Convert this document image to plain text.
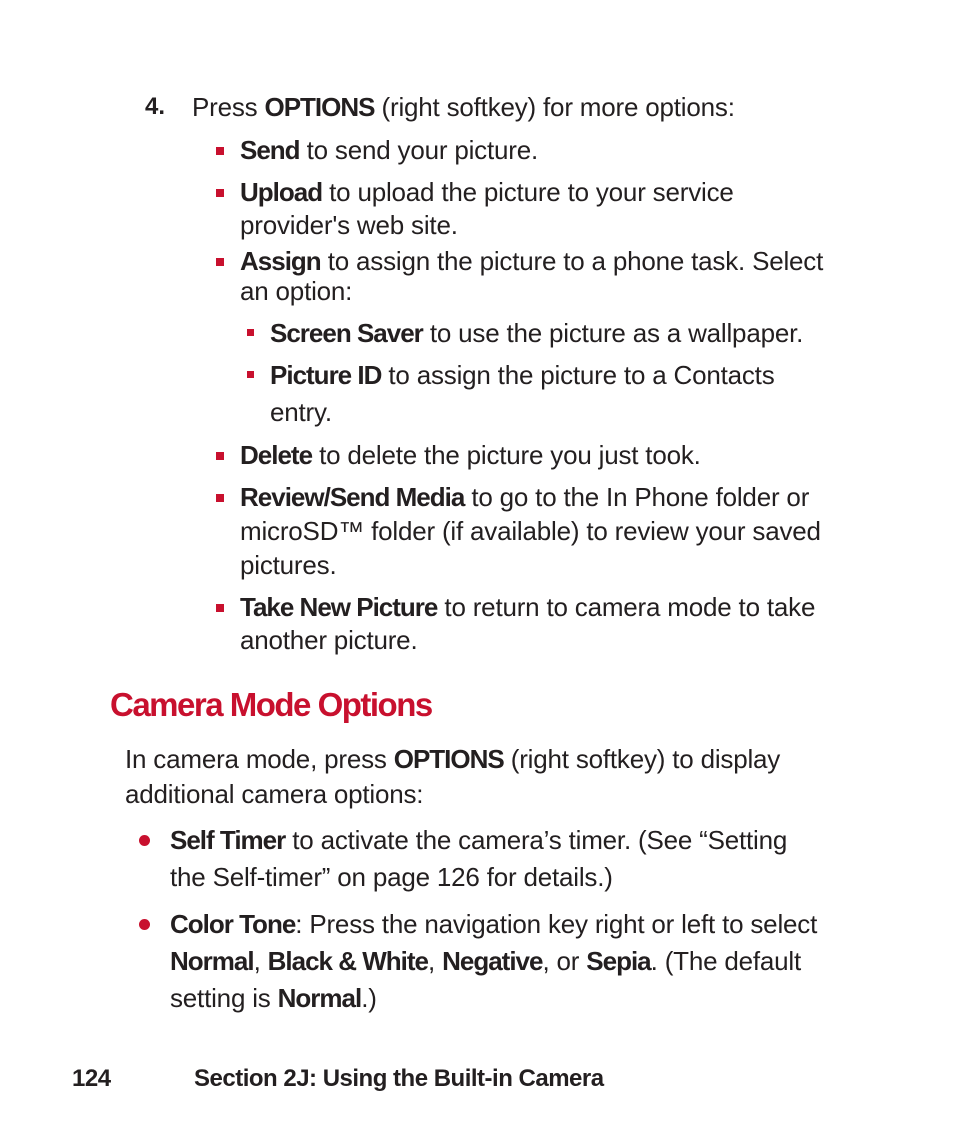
4. Press OPTIONS (right softkey) for more options:
Send to send your picture.
Upload to upload the picture to your service
provider's web site.
Assign to assign the picture to a phone task. Select
an option:
Screen Saver to use the picture as a wallpaper.
Picture ID to assign the picture to a Contacts
entry.
Delete to delete the picture you just took.
Review/Send Media to go to the In Phone folder or
microSD™ folder (if available) to review your saved
pictures.
Take New Picture to return to camera mode to take
another picture.
Camera Mode Options
In camera mode, press OPTIONS (right softkey) to display
additional camera options:
Self Timer to activate the camera’s timer. (See “Setting
the Self-timer” on page 126 for details.)
Color Tone: Press the navigation key right or left to select
Normal, Black & White, Negative, or Sepia. (The default
setting is Normal.)
124	Section 2J: Using the Built-in Camera
